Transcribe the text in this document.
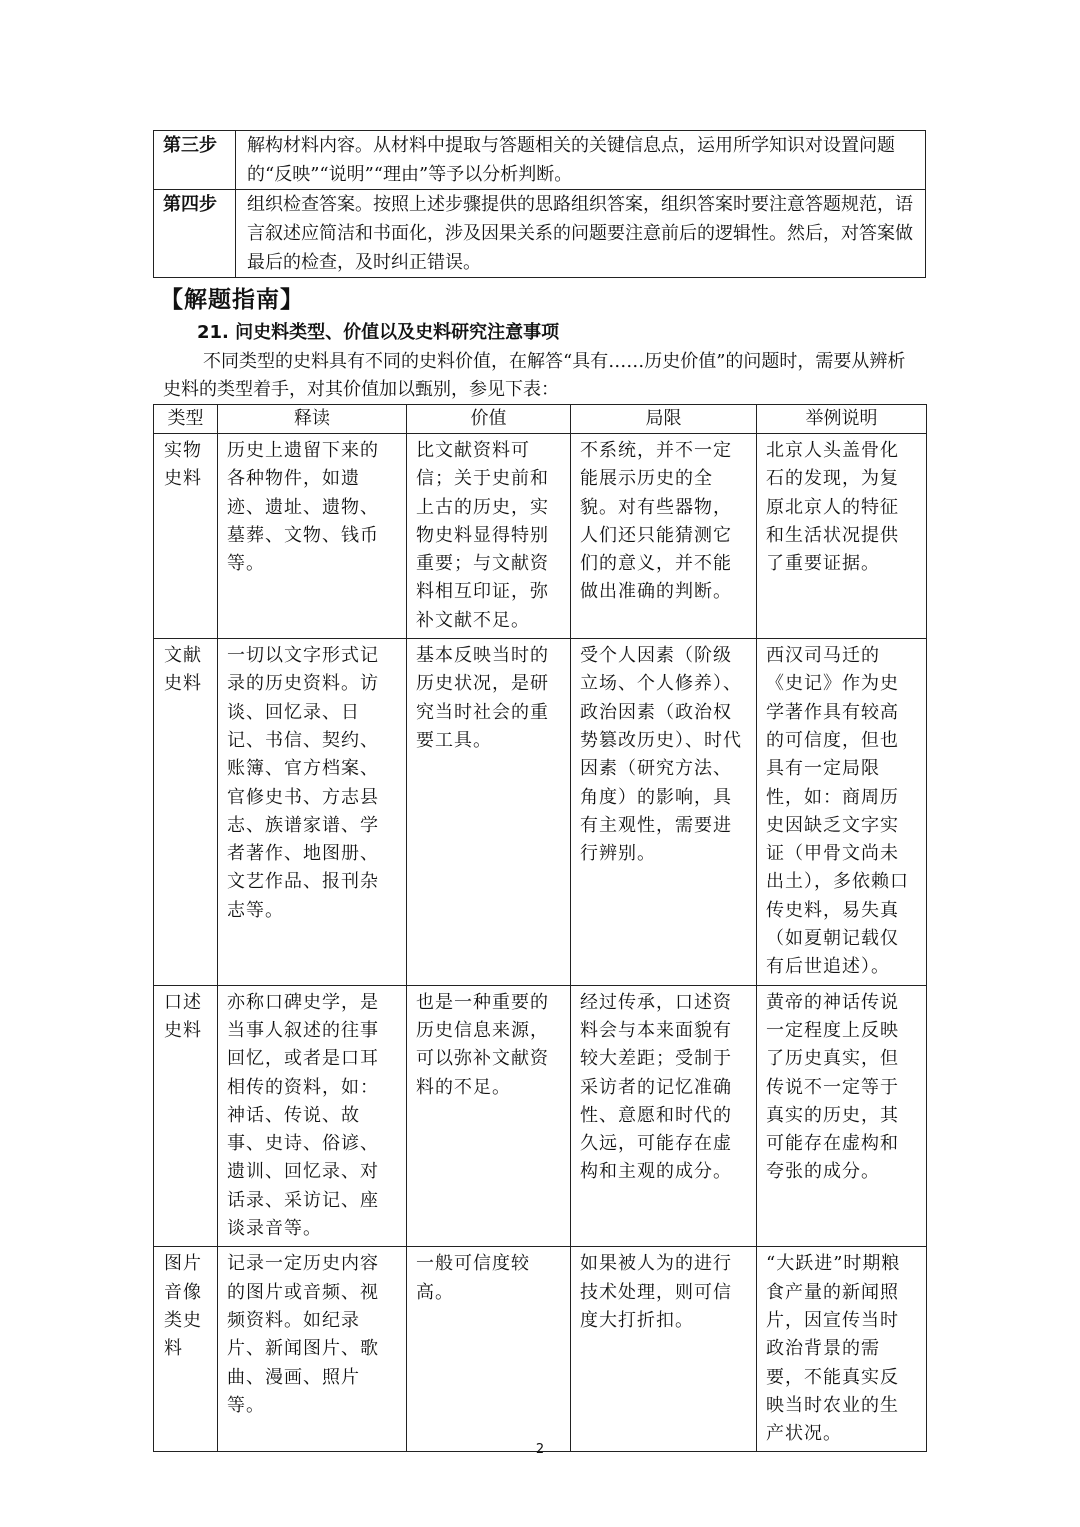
第三步	解构材料内容。从材料中提取与答题相关的关键信息点，运用所学知识对设置问题的“反映”“说明”“理由”等予以分析判断。
第四步	组织检查答案。按照上述步骤提供的思路组织答案，组织答案时要注意答题规范，语言叙述应简洁和书面化，涉及因果关系的问题要注意前后的逻辑性。然后，对答案做最后的检查，及时纠正错误。
【解题指南】
21. 问史料类型、价值以及史料研究注意事项

不同类型的史料具有不同的史料价值，在解答“具有……历史价值”的问题时，需要从辨析史料的类型着手，对其价值加以甄别，参见下表：

类型	释读	价值	局限	举例说明
实物史料	历史上遗留下来的各种物件，如遗迹、遗址、遗物、墓葬、文物、钱币等。	比文献资料可信；关于史前和上古的历史，实物史料显得特别重要；与文献资料相互印证，弥补文献不足。	不系统，并不一定能展示历史的全貌。对有些器物，人们还只能猜测它们的意义，并不能做出准确的判断。	北京人头盖骨化石的发现，为复原北京人的特征和生活状况提供了重要证据。
文献史料	一切以文字形式记录的历史资料。访谈、回忆录、日记、书信、契约、账簿、官方档案、官修史书、方志县志、族谱家谱、学者著作、地图册、文艺作品、报刊杂志等。	基本反映当时的历史状况，是研究当时社会的重要工具。	受个人因素（阶级立场、个人修养）、政治因素（政治权势篡改历史）、时代因素（研究方法、角度）的影响，具有主观性，需要进行辨别。	西汉司马迁的《史记》作为史学著作具有较高的可信度，但也具有一定局限性，如：商周历史因缺乏文字实证（甲骨文尚未出土），多依赖口传史料，易失真（如夏朝记载仅有后世追述）。
口述史料	亦称口碑史学，是当事人叙述的往事回忆，或者是口耳相传的资料，如：神话、传说、故事、史诗、俗谚、遗训、回忆录、对话录、采访记、座谈录音等。	也是一种重要的历史信息来源，可以弥补文献资料的不足。	经过传承，口述资料会与本来面貌有较大差距；受制于采访者的记忆准确性、意愿和时代的久远，可能存在虚构和主观的成分。	黄帝的神话传说一定程度上反映了历史真实，但传说不一定等于真实的历史，其可能存在虚构和夸张的成分。
图片音像类史料	记录一定历史内容的图片或音频、视频资料。如纪录片、新闻图片、歌曲、漫画、照片等。	一般可信度较高。	如果被人为的进行技术处理，则可信度大打折扣。	“大跃进”时期粮食产量的新闻照片，因宣传当时政治背景的需要，不能真实反映当时农业的生产状况。
2
